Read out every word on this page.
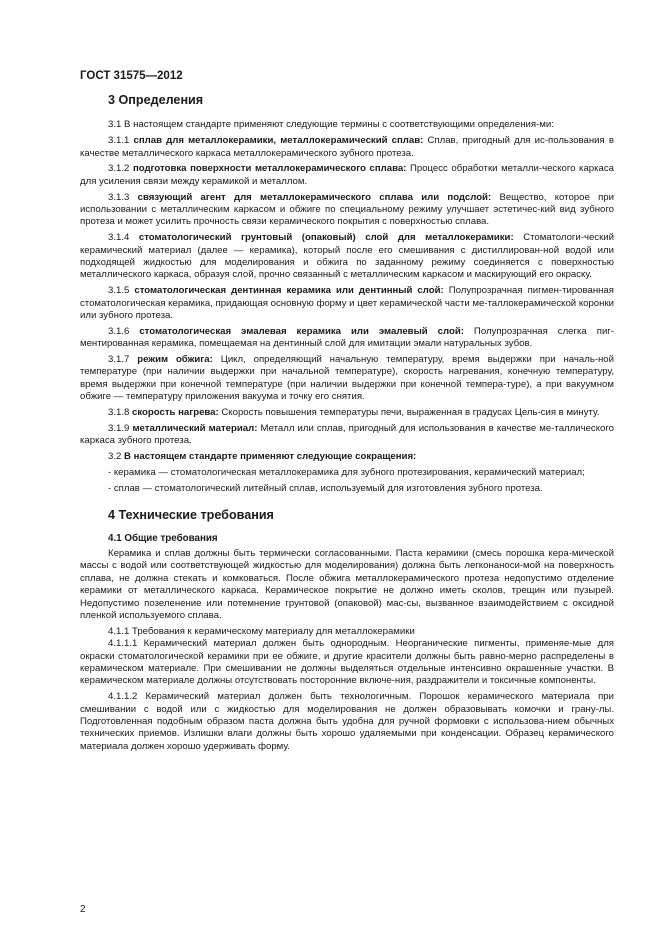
ГОСТ 31575—2012
3 Определения

3.1 В настоящем стандарте применяют следующие термины с соответствующими определения-ми:

3.1.1 сплав для металлокерамики, металлокерамический сплав: Сплав, пригодный для ис-пользования в качестве металлического каркаса металлокерамического зубного протеза.

3.1.2 подготовка поверхности металлокерамического сплава: Процесс обработки металли-ческого каркаса для усиления связи между керамикой и металлом.

3.1.3 связующий агент для металлокерамического сплава или подслой: Вещество, которое при использовании с металлическим каркасом и обжиге по специальному режиму улучшает эстетичес-кий вид зубного протеза и может усилить прочность связи керамического покрытия с поверхностью сплава.

3.1.4 стоматологический грунтовый (опаковый) слой для металлокерамики: Стоматологи-ческий керамический материал (далее — керамика), который после его смешивания с дистиллирован-ной водой или подходящей жидкостью для моделирования и обжига по заданному режиму соединяется с поверхностью металлического каркаса, образуя слой, прочно связанный с металлическим каркасом и маскирующий его окраску.

3.1.5 стоматологическая дентинная керамика или дентинный слой: Полупрозрачная пигмен-тированная стоматологическая керамика, придающая основную форму и цвет керамической части ме-таллокерамической коронки или зубного протеза.

3.1.6 стоматологическая эмалевая керамика или эмалевый слой: Полупрозрачная слегка пиг-ментированная керамика, помещаемая на дентинный слой для имитации эмали натуральных зубов.

3.1.7 режим обжига: Цикл, определяющий начальную температуру, время выдержки при началь-ной температуре (при наличии выдержки при начальной температуре), скорость нагревания, конечную температуру, время выдержки при конечной температуре (при наличии выдержки при конечной темпера-туре), а при вакуумном обжиге — температуру приложения вакуума и точку его снятия.

3.1.8 скорость нагрева: Скорость повышения температуры печи, выраженная в градусах Цель-сия в минуту.

3.1.9 металлический материал: Металл или сплав, пригодный для использования в качестве ме-таллического каркаса зубного протеза.

3.2 В настоящем стандарте применяют следующие сокращения:

- керамика — стоматологическая металлокерамика для зубного протезирования, керамический материал;

- сплав — стоматологический литейный сплав, используемый для изготовления зубного протеза.

4 Технические требования
4.1 Общие требования

Керамика и сплав должны быть термически согласованными. Паста керамики (смесь порошка кера-мической массы с водой или соответствующей жидкостью для моделирования) должна быть легконаноси-мой на поверхность сплава, не должна стекать и комковаться. После обжига металлокерамического протеза недопустимо отделение керамики от металлического каркаса. Керамическое покрытие не должно иметь сколов, трещин или пузырей. Недопустимо позеленение или потемнение грунтовой (опаковой) мас-сы, вызванное взаимодействием с оксидной пленкой используемого сплава.

4.1.1 Требования к керамическому материалу для металлокерамики

4.1.1.1 Керамический материал должен быть однородным. Неорганические пигменты, применяе-мые для окраски стоматологической керамики при ее обжиге, и другие красители должны быть равно-мерно распределены в керамическом материале. При смешивании не должны выделяться отдельные интенсивно окрашенные участки. В керамическом материале должны отсутствовать посторонние включе-ния, раздражители и токсичные компоненты.

4.1.1.2 Керамический материал должен быть технологичным. Порошок керамического материала при смешивании с водой или с жидкостью для моделирования не должен образовывать комочки и грану-лы. Подготовленная подобным образом паста должна быть удобна для ручной формовки с использова-нием обычных технических приемов. Излишки влаги должны быть хорошо удаляемыми при конденсации. Образец керамического материала должен хорошо удерживать форму.

2
